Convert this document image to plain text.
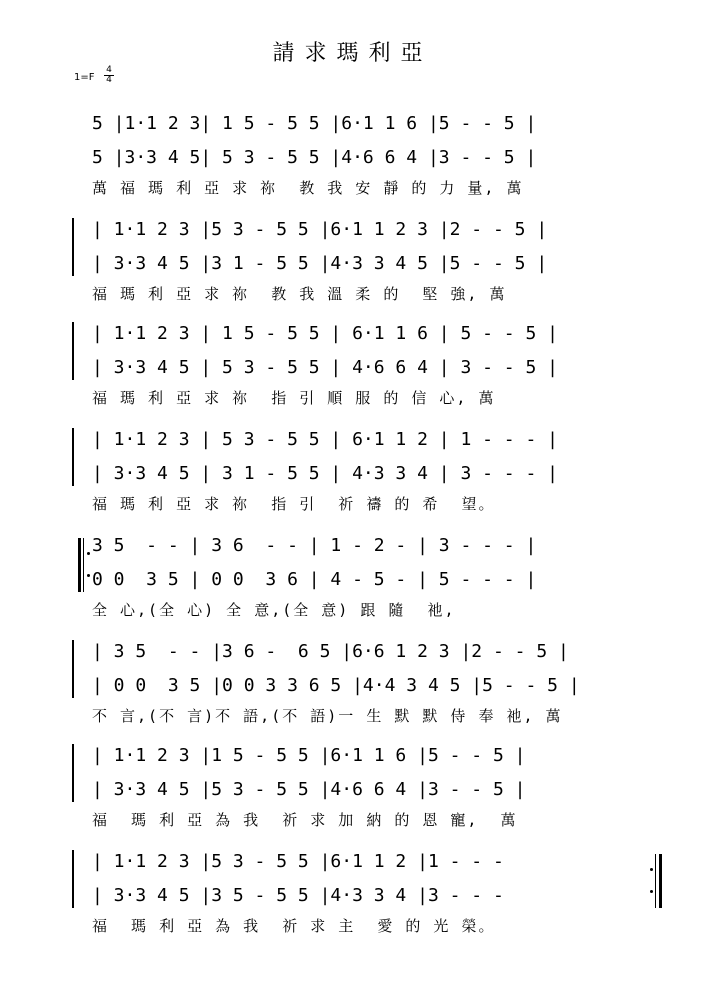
請求瑪利亞
$1=F \frac{4}{4}$
5 |1·1 2 3| 1 5 - 5 5 |6·1 1 6 |5 - - 5 |
5 |3·3 4 5| 5 3 - 5 5 |4·6 6 4 |3 - - 5 |
萬 福 瑪 利 亞 求 祢  教 我 安 靜 的 力 量, 萬
| 1·1 2 3 |5 3 - 5 5 |6·1 1 2 3 |2 - - 5 |
| 3·3 4 5 |3 1 - 5 5 |4·3 3 4 5 |5 - - 5 |
福 瑪 利 亞 求 祢  教 我 溫 柔 的  堅 強, 萬
| 1·1 2 3 | 1 5 - 5 5 | 6·1 1 6 | 5 - - 5 |
| 3·3 4 5 | 5 3 - 5 5 | 4·6 6 4 | 3 - - 5 |
福 瑪 利 亞 求 祢  指 引 順 服 的 信 心, 萬
| 1·1 2 3 | 5 3 - 5 5 | 6·1 1 2 | 1 - - - |
| 3·3 4 5 | 3 1 - 5 5 | 4·3 3 4 | 3 - - - |
福 瑪 利 亞 求 祢  指 引  祈 禱 的 希  望。
3 5  - - | 3 6  - - | 1 - 2 - | 3 - - - |
0 0  3 5 | 0 0  3 6 | 4 - 5 - | 5 - - - |
全 心,(全 心) 全 意,(全 意) 跟 隨  祂,
| 3 5  - - |3 6 -  6 5 |6·6 1 2 3 |2 - - 5 |
| 0 0  3 5 |0 0 3 3 6 5 |4·4 3 4 5 |5 - - 5 |
不 言,(不 言)不 語,(不 語)一 生 默 默 侍 奉 祂, 萬
| 1·1 2 3 |1 5 - 5 5 |6·1 1 6 |5 - - 5 |
| 3·3 4 5 |5 3 - 5 5 |4·6 6 4 |3 - - 5 |
福  瑪 利 亞 為 我  祈 求 加 納 的 恩 寵,  萬
| 1·1 2 3 |5 3 - 5 5 |6·1 1 2 |1 - - -
| 3·3 4 5 |3 5 - 5 5 |4·3 3 4 |3 - - -
福  瑪 利 亞 為 我  祈 求 主  愛 的 光 榮。
